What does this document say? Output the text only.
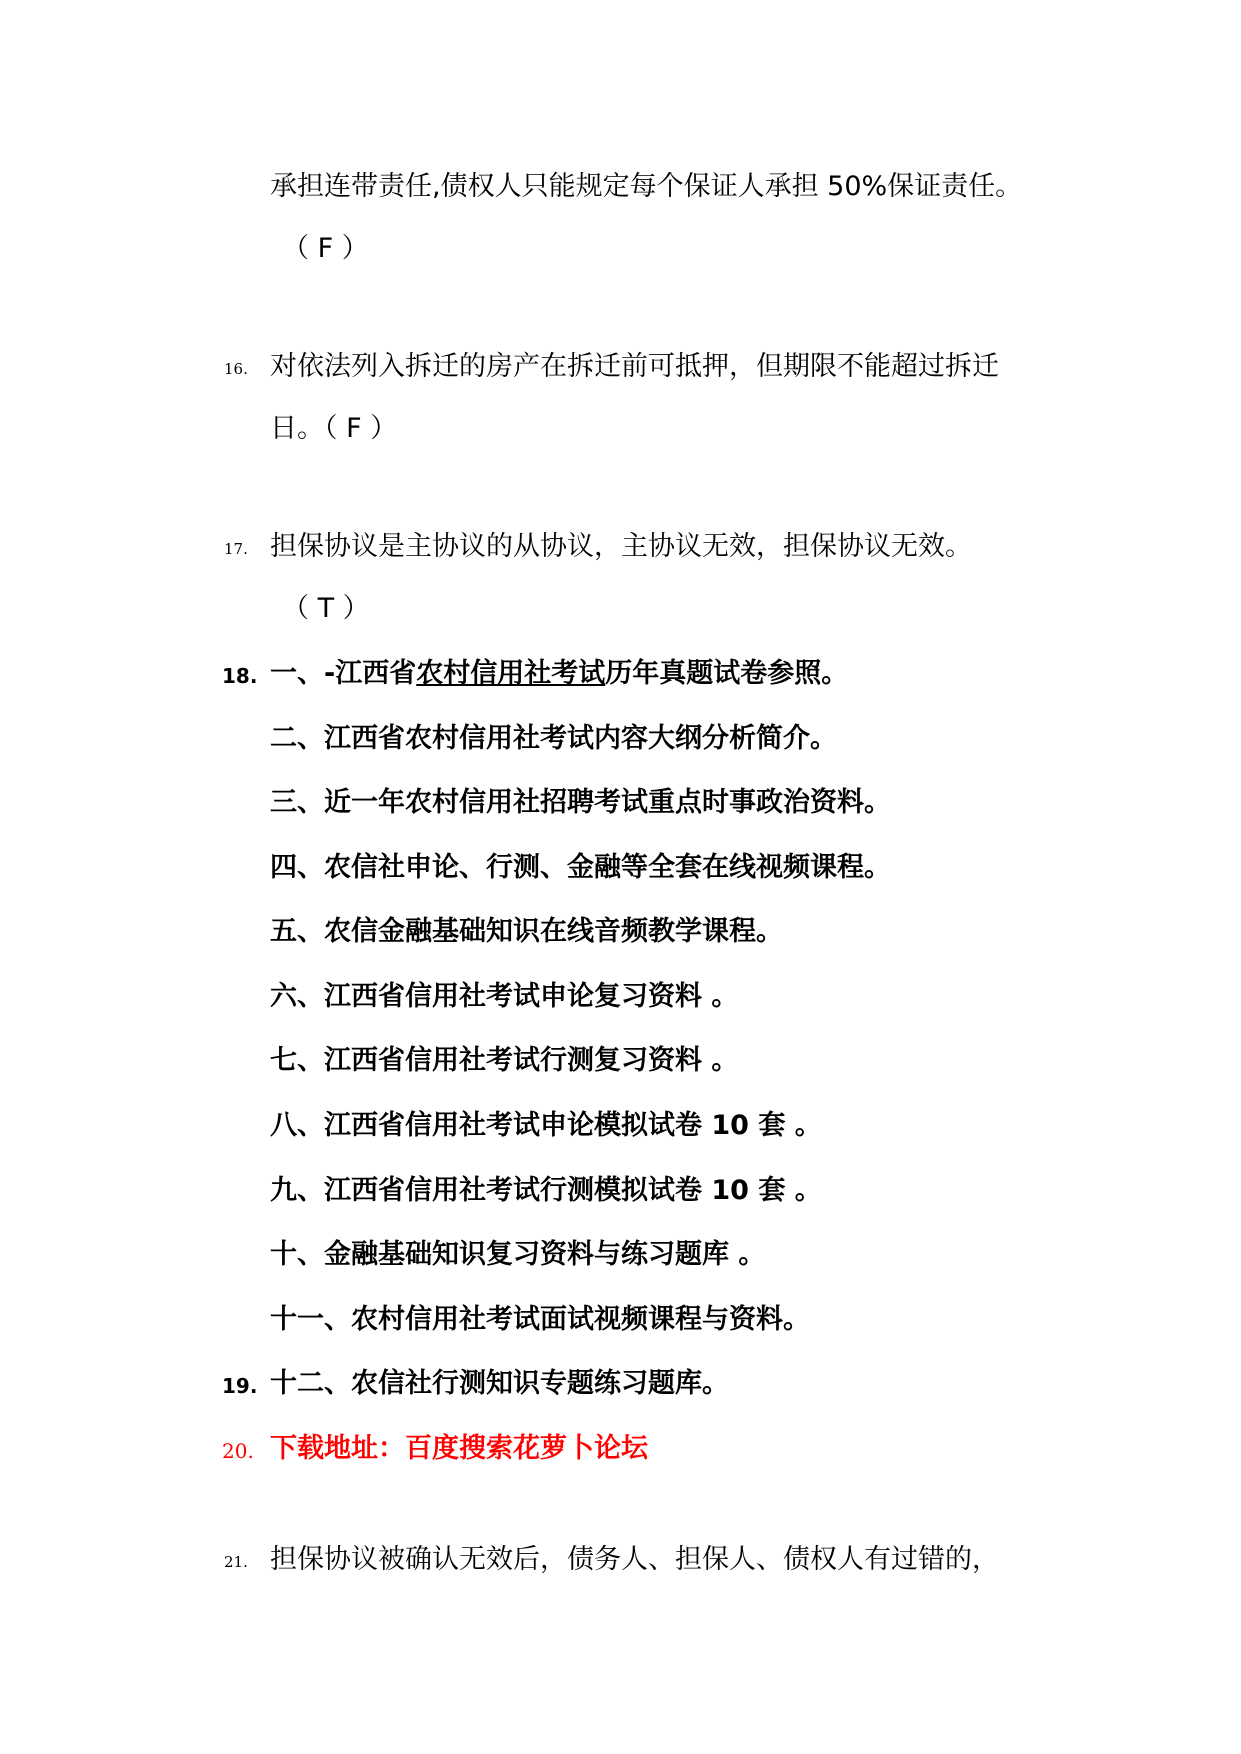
承担连带责任,债权人只能规定每个保证人承担 50%保证责任。
（ F ）
16. 对依法列入拆迁的房产在拆迁前可抵押，但期限不能超过拆迁
日。（ F ）
17. 担保协议是主协议的从协议，主协议无效，担保协议无效。
（ T ）
18. 一、-江西省农村信用社考试历年真题试卷参照。
二、江西省农村信用社考试内容大纲分析简介。
三、近一年农村信用社招聘考试重点时事政治资料。
四、农信社申论、行测、金融等全套在线视频课程。
五、农信金融基础知识在线音频教学课程。
六、江西省信用社考试申论复习资料 。
七、江西省信用社考试行测复习资料 。
八、江西省信用社考试申论模拟试卷 10 套 。
九、江西省信用社考试行测模拟试卷 10 套 。
十、金融基础知识复习资料与练习题库 。
十一、农村信用社考试面试视频课程与资料。
19. 十二、农信社行测知识专题练习题库。
20. 下载地址：百度搜索花萝卜论坛
21. 担保协议被确认无效后，债务人、担保人、债权人有过错的，
